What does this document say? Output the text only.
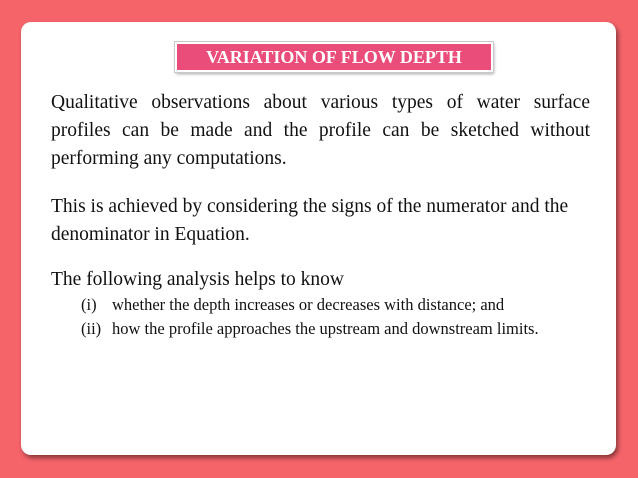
VARIATION OF FLOW DEPTH

Qualitative observations about various types of water surface profiles can be made and the profile can be sketched without performing any computations.

This is achieved by considering the signs of the numerator and the denominator in Equation.

The following analysis helps to know

(i) whether the depth increases or decreases with distance; and
(ii) how the profile approaches the upstream and downstream limits.
